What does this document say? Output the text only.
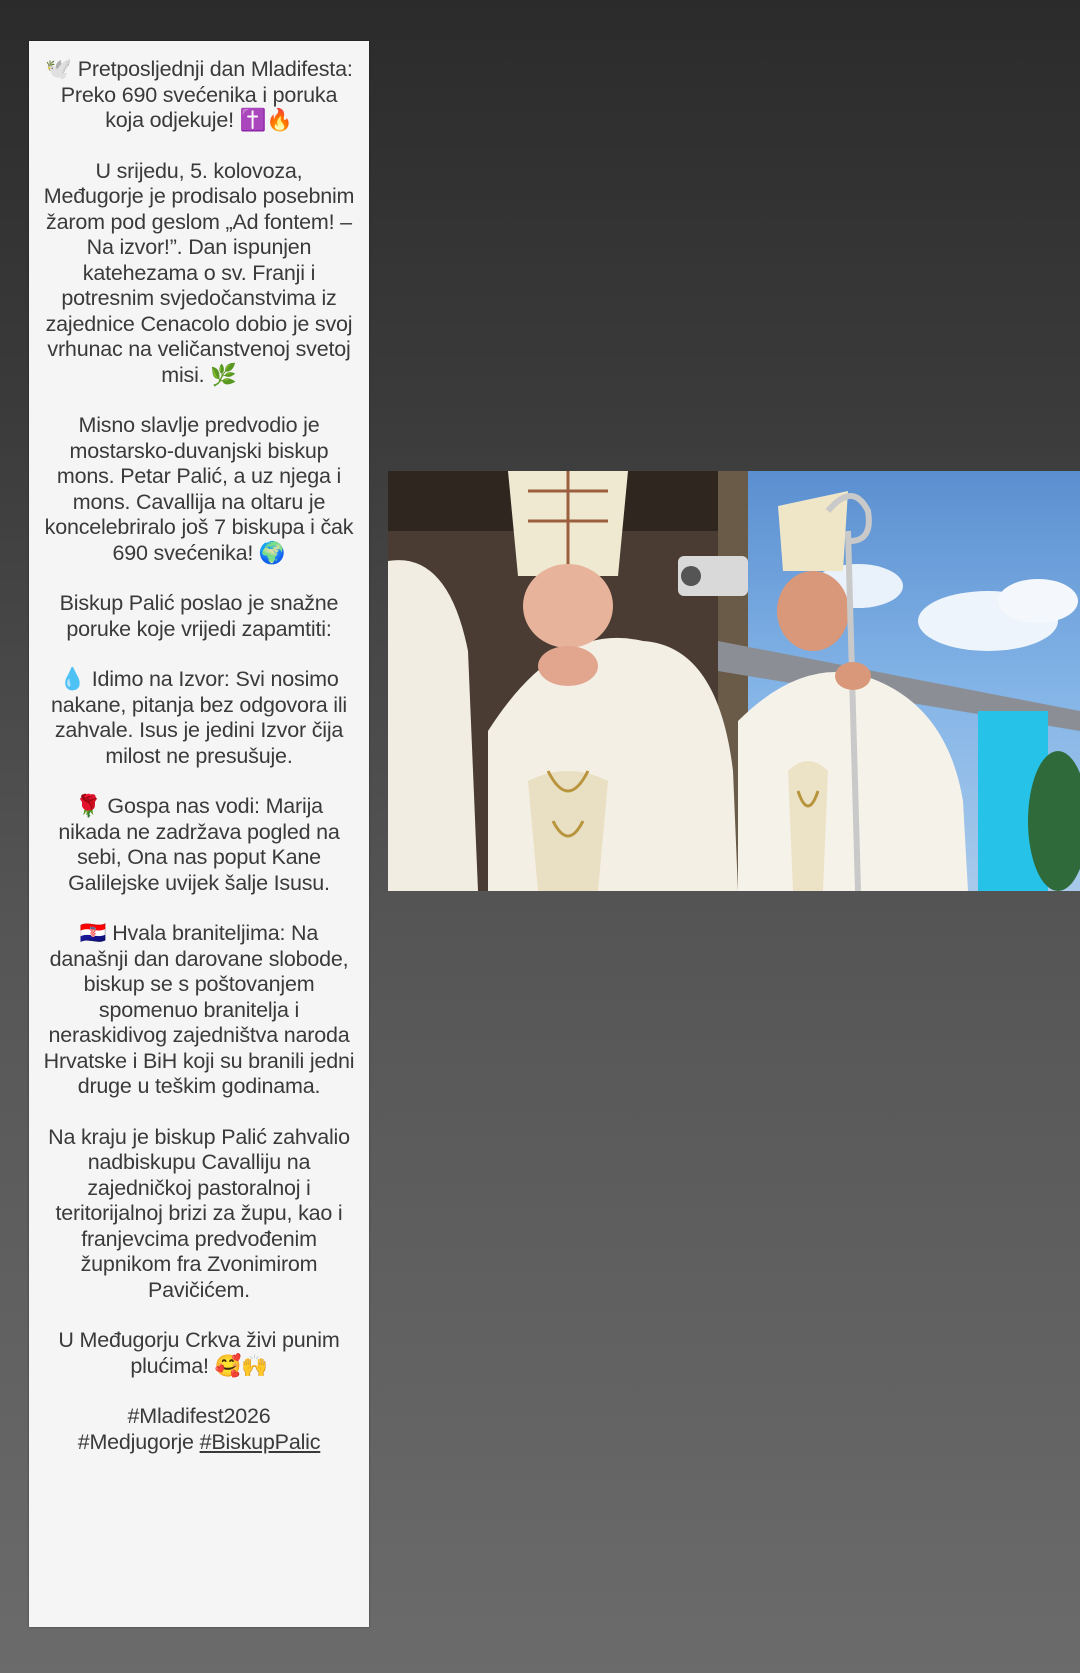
🕊️ Pretposljednji dan Mladifesta: Preko 690 svećenika i poruka koja odjekuje! ✝️🔥

U srijedu, 5. kolovoza, Međugorje je prodisalo posebnim žarom pod geslom „Ad fontem! – Na izvor!”. Dan ispunjen katehezama o sv. Franji i potresnim svjedočanstvima iz zajednice Cenacolo dobio je svoj vrhunac na veličanstvenoj svetoj misi. 🌿

Misno slavlje predvodio je mostarsko-duvanjski biskup mons. Petar Palić, a uz njega i mons. Cavallija na oltaru je koncelebriralo još 7 biskupa i čak 690 svećenika! 🌍

Biskup Palić poslao je snažne poruke koje vrijedi zapamtiti:

💧 Idimo na Izvor: Svi nosimo nakane, pitanja bez odgovora ili zahvale. Isus je jedini Izvor čija milost ne presušuje.

🌹 Gospa nas vodi: Marija nikada ne zadržava pogled na sebi, Ona nas poput Kane Galilejske uvijek šalje Isusu.

🇭🇷 Hvala braniteljima: Na današnji dan darovane slobode, biskup se s poštovanjem spomenuo branitelja i neraskidivog zajedništva naroda Hrvatske i BiH koji su branili jedni druge u teškim godinama.

Na kraju je biskup Palić zahvalio nadbiskupu Cavalliju na zajedničkoj pastoralnoj i teritorijalnoj brizi za župu, kao i franjevcima predvođenim župnikom fra Zvonimirom Pavičićem.

U Međugorju Crkva živi punim plućima! 🥰🙌

#Mladifest2026
#Medjugorje #BiskupPalic
